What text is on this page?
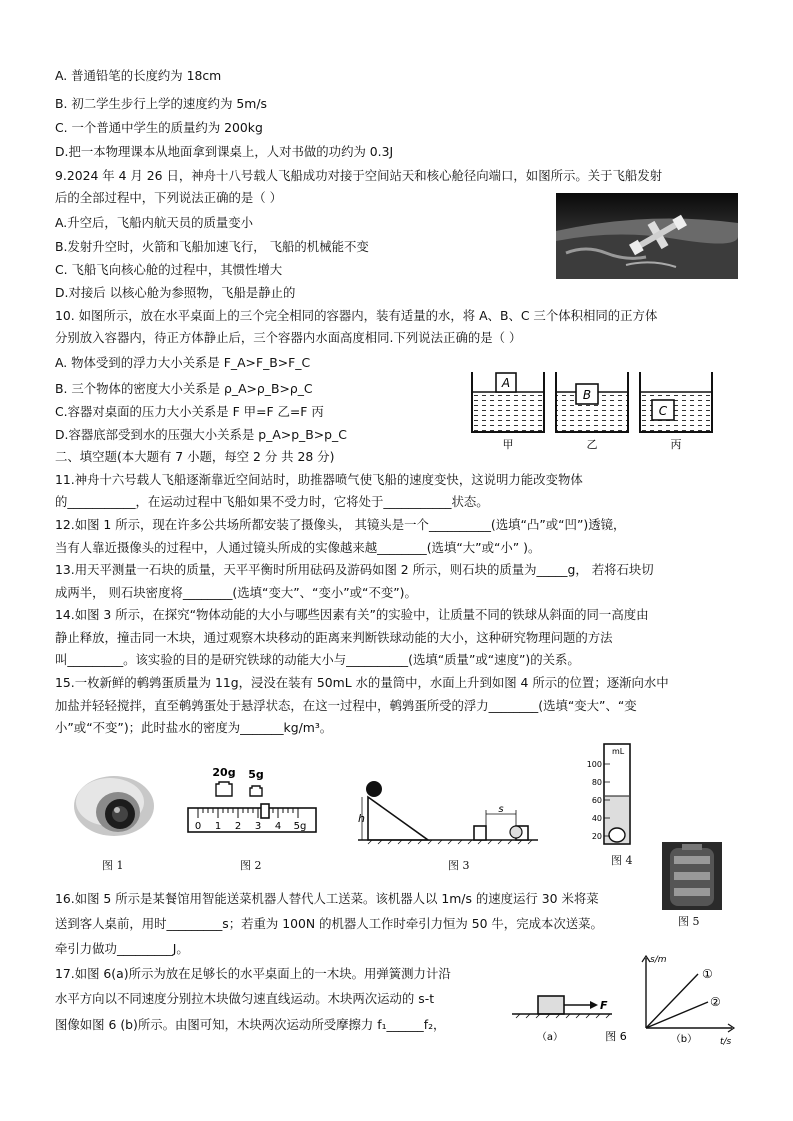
A. 普通铅笔的长度约为 18cm
B. 初二学生步行上学的速度约为 5m/s
C. 一个普通中学生的质量约为 200kg
D.把一本物理课本从地面拿到课桌上，人对书做的功约为 0.3J
9.2024 年 4 月 26 日，神舟十八号载人飞船成功对接于空间站天和核心舱径向端口，如图所示。关于飞船发射
后的全部过程中，下列说法正确的是（ ）
A.升空后，飞船内航天员的质量变小
B.发射升空时，火箭和飞船加速飞行， 飞船的机械能不变
C. 飞船飞向核心舱的过程中，其惯性增大
D.对接后 以核心舱为参照物，飞船是静止的
10. 如图所示，放在水平桌面上的三个完全相同的容器内，装有适量的水，将 A、B、C 三个体积相同的正方体
分别放入容器内，待正方体静止后，三个容器内水面高度相同.下列说法正确的是（ ）
A. 物体受到的浮力大小关系是 F_A>F_B>F_C
B. 三个物体的密度大小关系是 ρ_A>ρ_B>ρ_C
C.容器对桌面的压力大小关系是 F 甲=F 乙=F 丙
D.容器底部受到水的压强大小关系是 p_A>p_B>p_C
A
B
C
甲	乙	丙
二、填空题(本大题有 7 小题，每空 2 分 共 28 分)
11.神舟十六号载人飞船逐渐靠近空间站时，助推器喷气使飞船的速度变快，这说明力能改变物体
的___________，在运动过程中飞船如果不受力时，它将处于___________状态。
12.如图 1 所示，现在许多公共场所都安装了摄像头， 其镜头是一个__________(选填“凸”或“凹”)透镜，
当有人靠近摄像头的过程中，人通过镜头所成的实像越来越________(选填“大”或“小” )。
13.用天平测量一石块的质量，天平平衡时所用砝码及游码如图 2 所示，则石块的质量为_____g， 若将石块切
成两半， 则石块密度将________(选填“变大”、“变小”或“不变”)。
14.如图 3 所示，在探究“物体动能的大小与哪些因素有关”的实验中，让质量不同的铁球从斜面的同一高度由
静止释放，撞击同一木块，通过观察木块移动的距离来判断铁球动能的大小，这种研究物理问题的方法
叫_________。该实验的目的是研究铁球的动能大小与__________(选填“质量”或“速度”)的关系。
15.一枚新鲜的鹌鹑蛋质量为 11g，浸没在装有 50mL 水的量筒中，水面上升到如图 4 所示的位置；逐渐向水中
加盐并轻轻搅拌，直至鹌鹑蛋处于悬浮状态，在这一过程中，鹌鹑蛋所受的浮力________(选填“变大”、“变
小”或“不变”)；此时盐水的密度为_______kg/m³。
图 1
20g 5g
0 1 2 3 4 5g
图 2
h
s
图 3
mL
100
80
60
40
20
图 4
图 5
16.如图 5 所示是某餐馆用智能送菜机器人替代人工送菜。该机器人以 1m/s 的速度运行 30 米将菜
送到客人桌前，用时_________s；若重为 100N 的机器人工作时牵引力恒为 50 牛，完成本次送菜。
牵引力做功_________J。
17.如图 6(a)所示为放在足够长的水平桌面上的一木块。用弹簧测力计沿
水平方向以不同速度分别拉木块做匀速直线运动。木块两次运动的 s-t
图像如图 6 (b)所示。由图可知，木块两次运动所受摩擦力 f₁______f₂，
F
（a）	图 6
s/m
t/s
①
②
（b）
